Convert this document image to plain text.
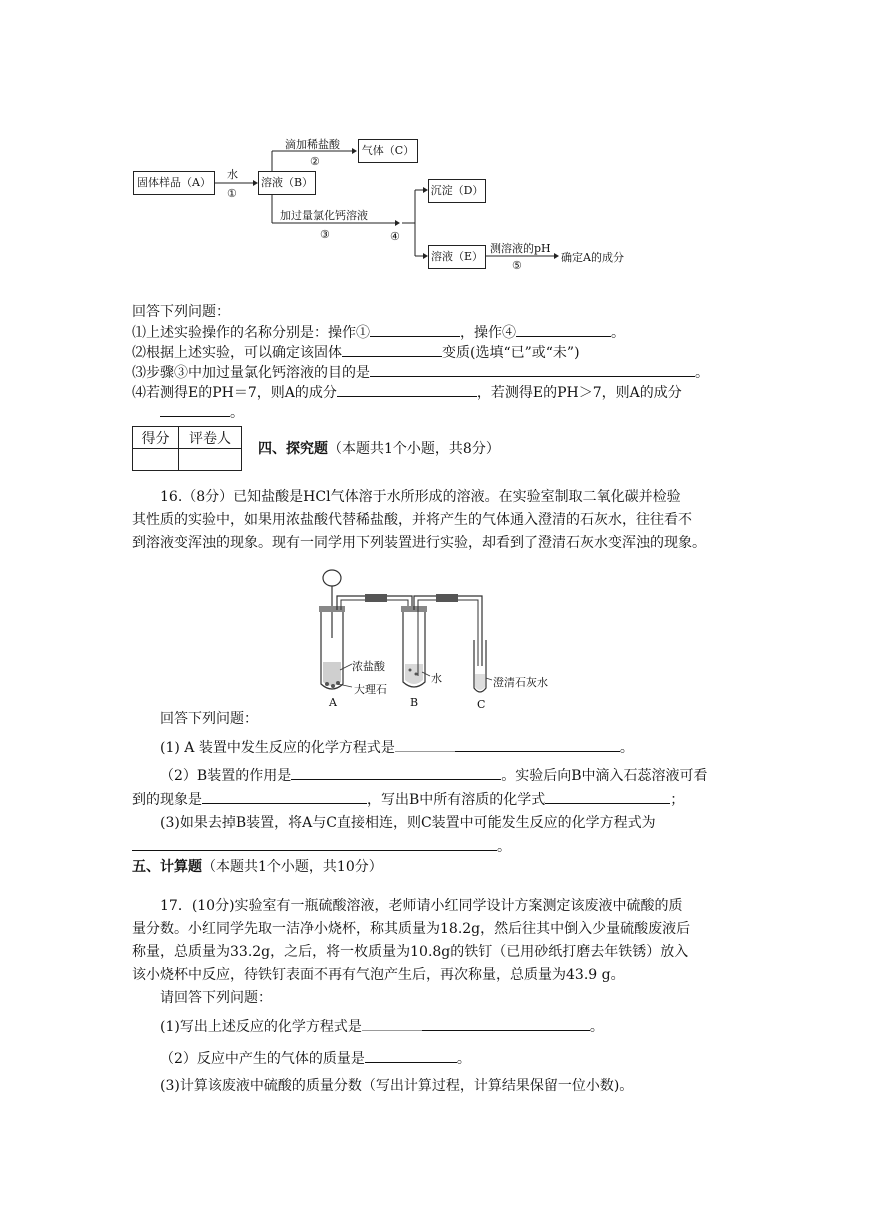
固体样品（A）
水
①
溶液（B）
滴加稀盐酸
②
气体（C）
加过量氯化钙溶液
③	④
沉淀（D）
溶液（E）
测溶液的pH
⑤
确定A的成分
回答下列问题：
⑴上述实验操作的名称分别是：操作①	，操作④	。
⑵根据上述实验，可以确定该固体	变质(选填“已”或“未”)
⑶步骤③中加过量氯化钙溶液的目的是	。
⑷若测得E的PH＝7，则A的成分	，若测得E的PH＞7，则A的成分
。
得分	评卷人

四、探究题（本题共1个小题，共8分）
16.（8分）已知盐酸是HCl气体溶于水所形成的溶液。在实验室制取二氧化碳并检验
其性质的实验中，如果用浓盐酸代替稀盐酸，并将产生的气体通入澄清的石灰水，往往看不
到溶液变浑浊的现象。现有一同学用下列装置进行实验，却看到了澄清石灰水变浑浊的现象。
浓盐酸
大理石
水	澄清石灰水
A	B	C
回答下列问题：
(1) A 装置中发生反应的化学方程式是	。
（2）B装置的作用是	。实验后向B中滴入石蕊溶液可看
到的现象是	，写出B中所有溶质的化学式	；
(3)如果去掉B装置，将A与C直接相连，则C装置中可能发生反应的化学方程式为
。
五、计算题（本题共1个小题，共10分）
17．(10分)实验室有一瓶硫酸溶液，老师请小红同学设计方案测定该废液中硫酸的质
量分数。小红同学先取一洁净小烧杯，称其质量为18.2g，然后往其中倒入少量硫酸废液后
称量，总质量为33.2g，之后，将一枚质量为10.8g的铁钉（已用砂纸打磨去年铁锈）放入
该小烧杯中反应，待铁钉表面不再有气泡产生后，再次称量，总质量为43.9 g。
请回答下列问题：
(1)写出上述反应的化学方程式是	。
（2）反应中产生的气体的质量是	。
(3)计算该废液中硫酸的质量分数（写出计算过程，计算结果保留一位小数)。
